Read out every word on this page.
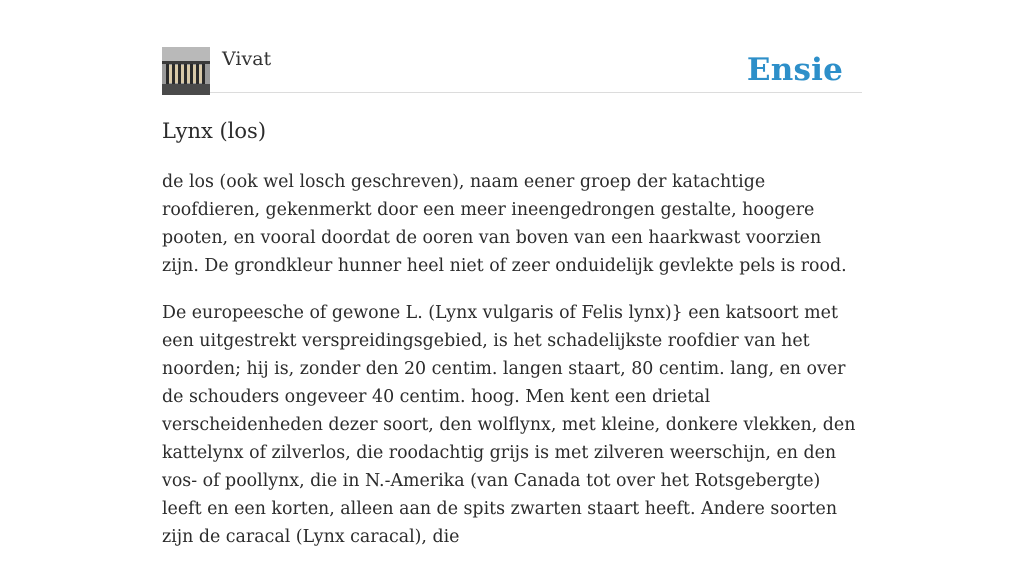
Vivat	Ensie
Lynx (los)

de los (ook wel losch geschreven), naam eener groep der katachtige roofdieren, gekenmerkt door een meer ineengedrongen gestalte, hoogere pooten, en vooral doordat de ooren van boven van een haarkwast voorzien zijn. De grondkleur hunner heel niet of zeer onduidelijk gevlekte pels is rood.

De europeesche of gewone L. (Lynx vulgaris of Felis lynx)} een katsoort met een uitgestrekt verspreidingsgebied, is het schadelijkste roofdier van het noorden; hij is, zonder den 20 centim. langen staart, 80 centim. lang, en over de schouders ongeveer 40 centim. hoog. Men kent een drietal verscheidenheden dezer soort, den wolflynx, met kleine, donkere vlekken, den kattelynx of zilverlos, die roodachtig grijs is met zilveren weerschijn, en den vos- of poollynx, die in N.-Amerika (van Canada tot over het Rotsgebergte) leeft en een korten, alleen aan de spits zwarten staart heeft. Andere soorten zijn de caracal (Lynx caracal), die
